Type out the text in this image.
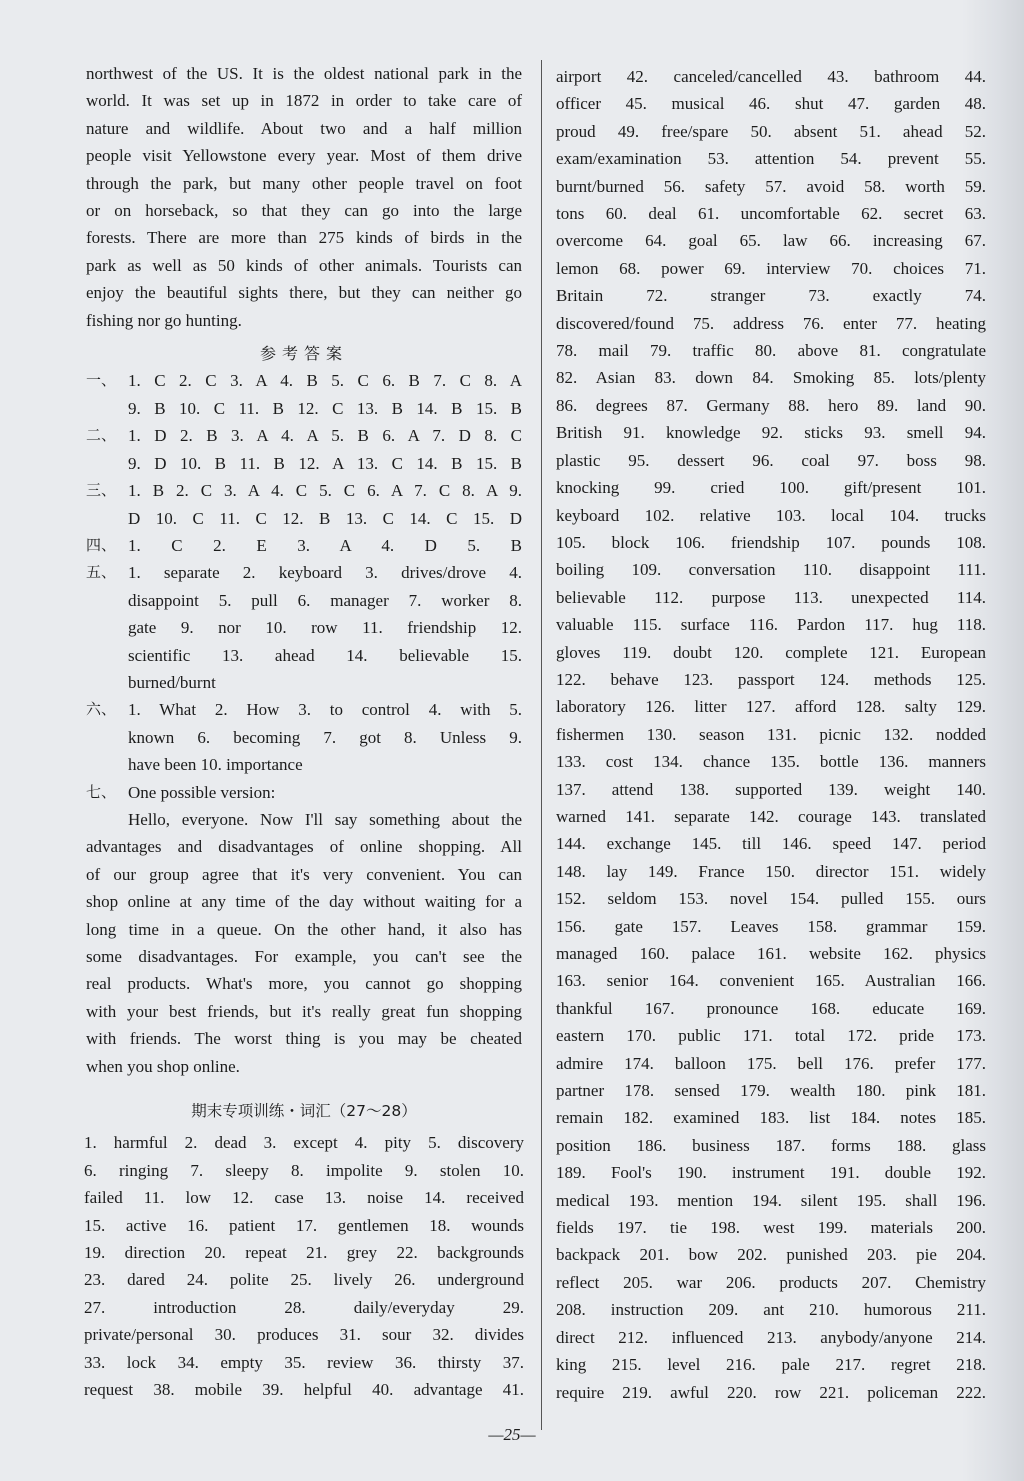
northwest of the US. It is the oldest national park in the
world. It was set up in 1872 in order to take care of
nature and wildlife. About two and a half million
people visit Yellowstone every year. Most of them drive
through the park, but many other people travel on foot
or on horseback, so that they can go into the large
forests. There are more than 275 kinds of birds in the
park as well as 50 kinds of other animals. Tourists can
enjoy the beautiful sights there, but they can neither go
fishing nor go hunting.
参考答案
一、 1. C 2. C 3. A 4. B 5. C 6. B 7. C 8. A
9. B 10. C 11. B 12. C 13. B 14. B 15. B
二、 1. D 2. B 3. A 4. A 5. B 6. A 7. D 8. C
9. D 10. B 11. B 12. A 13. C 14. B 15. B
三、 1. B 2. C 3. A 4. C 5. C 6. A 7. C 8. A 9.
D 10. C 11. C 12. B 13. C 14. C 15. D
四、 1. C 2. E 3. A 4. D 5. B
五、 1. separate 2. keyboard 3. drives/drove 4.
disappoint 5. pull 6. manager 7. worker 8.
gate 9. nor 10. row 11. friendship 12.
scientific 13. ahead 14. believable 15.
burned/burnt
六、 1. What 2. How 3. to control 4. with 5.
known 6. becoming 7. got 8. Unless 9.
have been 10. importance
七、 One possible version:
Hello, everyone. Now I'll say something about the
advantages and disadvantages of online shopping. All
of our group agree that it's very convenient. You can
shop online at any time of the day without waiting for a
long time in a queue. On the other hand, it also has
some disadvantages. For example, you can't see the
real products. What's more, you cannot go shopping
with your best friends, but it's really great fun shopping
with friends. The worst thing is you may be cheated
when you shop online.
期末专项训练・词汇（27～28）
1. harmful 2. dead 3. except 4. pity 5. discovery
6. ringing 7. sleepy 8. impolite 9. stolen 10.
failed 11. low 12. case 13. noise 14. received
15. active 16. patient 17. gentlemen 18. wounds
19. direction 20. repeat 21. grey 22. backgrounds
23. dared 24. polite 25. lively 26. underground
27. introduction 28. daily/everyday 29.
private/personal 30. produces 31. sour 32. divides
33. lock 34. empty 35. review 36. thirsty 37.
request 38. mobile 39. helpful 40. advantage 41.
airport 42. canceled/cancelled 43. bathroom 44.
officer 45. musical 46. shut 47. garden 48.
proud 49. free/spare 50. absent 51. ahead 52.
exam/examination 53. attention 54. prevent 55.
burnt/burned 56. safety 57. avoid 58. worth 59.
tons 60. deal 61. uncomfortable 62. secret 63.
overcome 64. goal 65. law 66. increasing 67.
lemon 68. power 69. interview 70. choices 71.
Britain 72. stranger 73. exactly 74.
discovered/found 75. address 76. enter 77. heating
78. mail 79. traffic 80. above 81. congratulate
82. Asian 83. down 84. Smoking 85. lots/plenty
86. degrees 87. Germany 88. hero 89. land 90.
British 91. knowledge 92. sticks 93. smell 94.
plastic 95. dessert 96. coal 97. boss 98.
knocking 99. cried 100. gift/present 101.
keyboard 102. relative 103. local 104. trucks
105. block 106. friendship 107. pounds 108.
boiling 109. conversation 110. disappoint 111.
believable 112. purpose 113. unexpected 114.
valuable 115. surface 116. Pardon 117. hug 118.
gloves 119. doubt 120. complete 121. European
122. behave 123. passport 124. methods 125.
laboratory 126. litter 127. afford 128. salty 129.
fishermen 130. season 131. picnic 132. nodded
133. cost 134. chance 135. bottle 136. manners
137. attend 138. supported 139. weight 140.
warned 141. separate 142. courage 143. translated
144. exchange 145. till 146. speed 147. period
148. lay 149. France 150. director 151. widely
152. seldom 153. novel 154. pulled 155. ours
156. gate 157. Leaves 158. grammar 159.
managed 160. palace 161. website 162. physics
163. senior 164. convenient 165. Australian 166.
thankful 167. pronounce 168. educate 169.
eastern 170. public 171. total 172. pride 173.
admire 174. balloon 175. bell 176. prefer 177.
partner 178. sensed 179. wealth 180. pink 181.
remain 182. examined 183. list 184. notes 185.
position 186. business 187. forms 188. glass
189. Fool's 190. instrument 191. double 192.
medical 193. mention 194. silent 195. shall 196.
fields 197. tie 198. west 199. materials 200.
backpack 201. bow 202. punished 203. pie 204.
reflect 205. war 206. products 207. Chemistry
208. instruction 209. ant 210. humorous 211.
direct 212. influenced 213. anybody/anyone 214.
king 215. level 216. pale 217. regret 218.
require 219. awful 220. row 221. policeman 222.
—25—
